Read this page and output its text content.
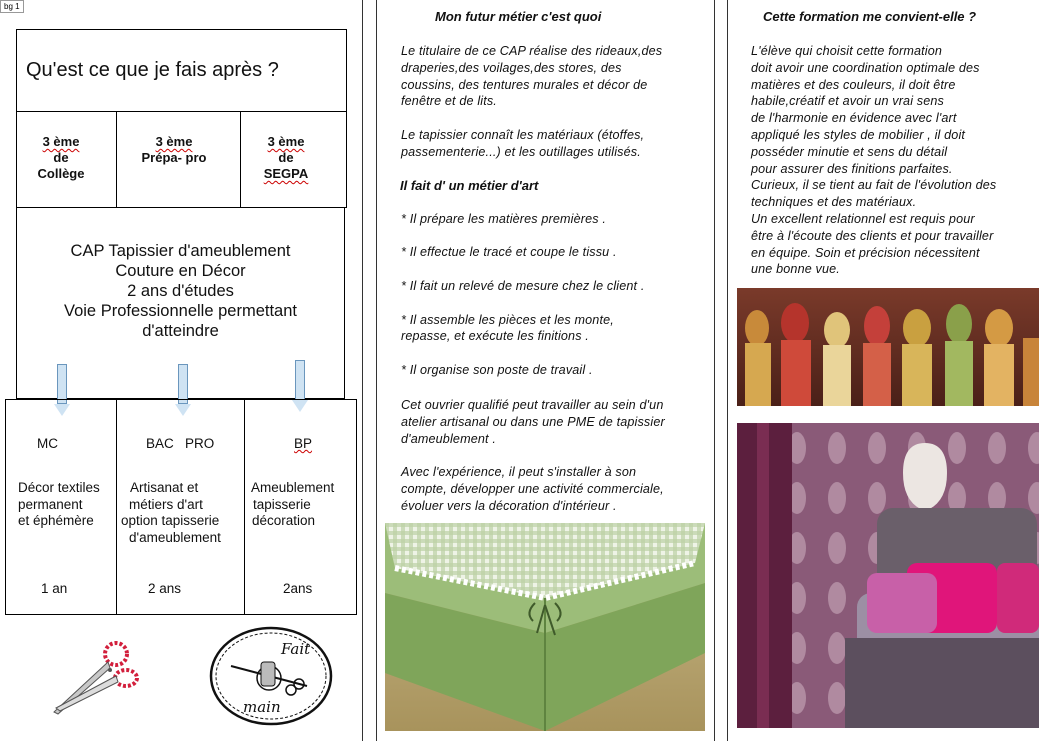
bg 1
Qu'est ce que je fais après ?
3 ème
de
Collège
3 ème
Prépa- pro
3 ème
de
SEGPA
CAP Tapissier d'ameublement
Couture en Décor
2 ans d'études
Voie Professionnelle permettant
d'atteindre
MC
Décor textiles
permanent
et éphémère
1 an
BAC   PRO
Artisanat et
métiers d'art
option tapisserie
d'ameublement
2 ans
BP
Ameublement
tapisserie
décoration
2ans
Fait
main
Mon futur métier c'est quoi
Le titulaire de ce CAP réalise des rideaux,des
draperies,des voilages,des stores, des
coussins, des tentures murales et décor de
fenêtre et de lits.
Le tapissier connaît les matériaux (étoffes,
passementerie...) et les outillages utilisés.
Il fait d' un métier d'art
* Il prépare les matières premières .
* Il effectue le tracé et coupe le tissu .
* Il fait un relevé de mesure chez le client .
* Il assemble les pièces et les monte,
repasse, et exécute les finitions .
* Il organise son poste de travail .
Cet ouvrier qualifié peut travailler au sein d'un
atelier artisanal ou dans une PME de tapissier
d'ameublement .
Avec l'expérience, il peut s'installer à son
compte, développer une activité commerciale,
évoluer vers la décoration d'intérieur .
Cette formation me convient-elle ?
L'élève qui choisit cette formation
doit avoir une coordination optimale des
matières et des couleurs, il doit être
habile,créatif et avoir un vrai sens
de l'harmonie en évidence avec l'art
appliqué les styles de mobilier , il doit
posséder minutie et sens du détail
pour assurer des finitions parfaites.
Curieux, il se tient au fait de l'évolution des
techniques et des matériaux.
Un excellent relationnel est requis pour
être à l'écoute des clients et pour travailler
en équipe. Soin et précision nécessitent
une bonne vue.
